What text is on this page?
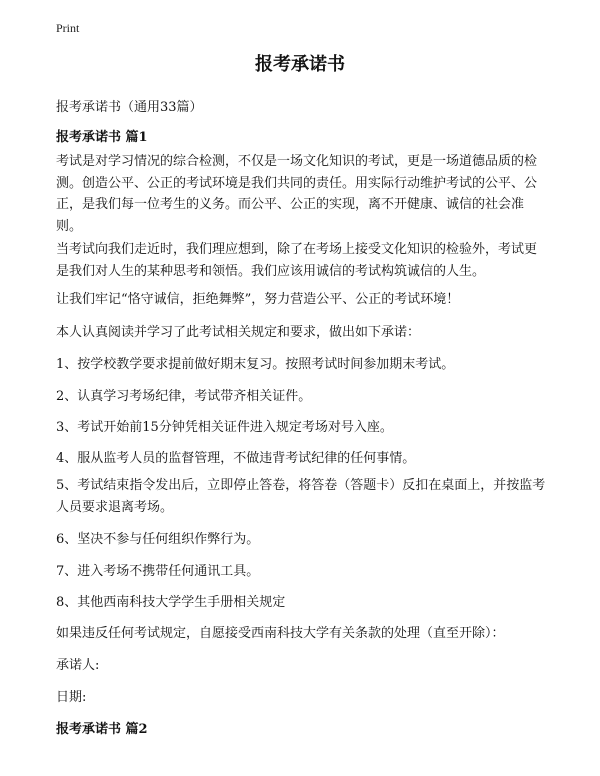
Print
报考承诺书
报考承诺书（通用33篇）
报考承诺书 篇1
考试是对学习情况的综合检测，不仅是一场文化知识的考试，更是一场道德品质的检测。创造公平、公正的考试环境是我们共同的责任。用实际行动维护考试的公平、公正，是我们每一位考生的义务。而公平、公正的实现，离不开健康、诚信的社会准则。
当考试向我们走近时，我们理应想到，除了在考场上接受文化知识的检验外，考试更是我们对人生的某种思考和领悟。我们应该用诚信的考试构筑诚信的人生。
让我们牢记“恪守诚信，拒绝舞弊”，努力营造公平、公正的考试环境！
本人认真阅读并学习了此考试相关规定和要求，做出如下承诺：
1、按学校教学要求提前做好期末复习。按照考试时间参加期末考试。
2、认真学习考场纪律，考试带齐相关证件。
3、考试开始前15分钟凭相关证件进入规定考场对号入座。
4、服从监考人员的监督管理，不做违背考试纪律的任何事情。
5、考试结束指令发出后，立即停止答卷，将答卷（答题卡）反扣在桌面上，并按监考人员要求退离考场。
6、坚决不参与任何组织作弊行为。
7、进入考场不携带任何通讯工具。
8、其他西南科技大学学生手册相关规定
如果违反任何考试规定，自愿接受西南科技大学有关条款的处理（直至开除）：
承诺人:
日期:
报考承诺书 篇2
